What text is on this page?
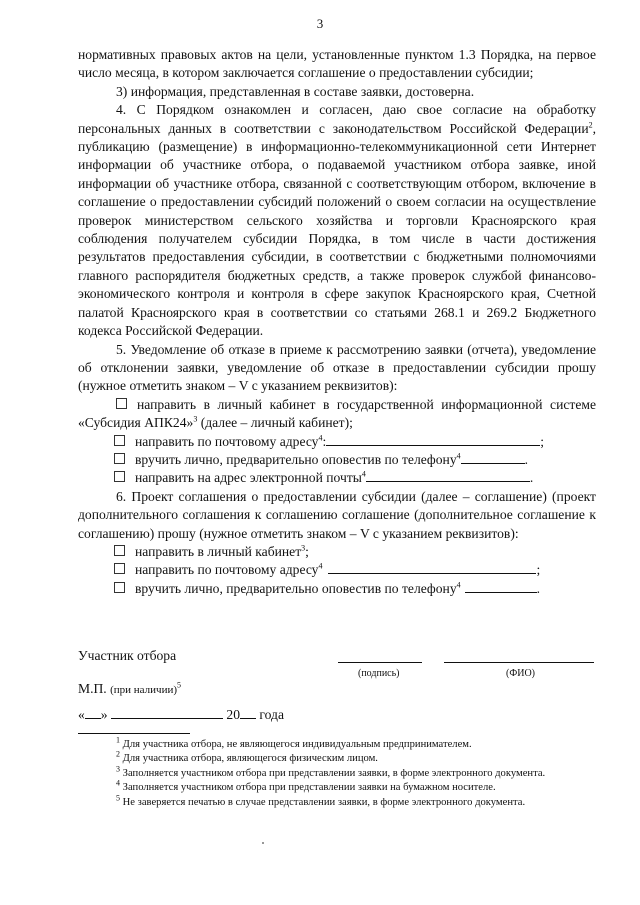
3

нормативных правовых актов на цели, установленные пунктом 1.3 Порядка, на первое число месяца, в котором заключается соглашение о предоставлении субсидии;

3) информация, представленная в составе заявки, достоверна.

4. С Порядком ознакомлен и согласен, даю свое согласие на обработку персональных данных в соответствии с законодательством Российской Федерации$^2$, публикацию (размещение) в информационно-телекоммуникационной сети Интернет информации об участнике отбора, о подаваемой участником отбора заявке, иной информации об участнике отбора, связанной с соответствующим отбором, включение в соглашение о предоставлении субсидий положений о своем согласии на осуществление проверок министерством сельского хозяйства и торговли Красноярского края соблюдения получателем субсидии Порядка, в том числе в части достижения результатов предоставления субсидии, в соответствии с бюджетными полномочиями главного распорядителя бюджетных средств, а также проверок службой финансово-экономического контроля и контроля в сфере закупок Красноярского края, Счетной палатой Красноярского края в соответствии со статьями 268.1 и 269.2 Бюджетного кодекса Российской Федерации.

5. Уведомление об отказе в приеме к рассмотрению заявки (отчета), уведомление об отклонении заявки, уведомление об отказе в предоставлении субсидии прошу (нужное отметить знаком – V с указанием реквизитов):

направить в личный кабинет в государственной информационной системе «Субсидия АПК24»$^3$ (далее – личный кабинет);

направить по почтовому адресу$^4$:	;
вручить лично, предварительно оповестив по телефону$^4$	.
направить на адрес электронной почты$^4$	.

6. Проект соглашения о предоставлении субсидии (далее – соглашение) (проект дополнительного соглашения к соглашению соглашение (дополнительное соглашение к соглашению) прошу (нужное отметить знаком – V с указанием реквизитов):

направить в личный кабинет$^3$;
направить по почтовому адресу$^4$	;
вручить лично, предварительно оповестив по телефону$^4$	.
Участник отбора
(подпись)	(ФИО)
М.П. (при наличии)$^5$
« »	20 года

$^1$ Для участника отбора, не являющегося индивидуальным предпринимателем.

$^2$ Для участника отбора, являющегося физическим лицом.

$^3$ Заполняется участником отбора при представлении заявки, в форме электронного документа.

$^4$ Заполняется участником отбора при представлении заявки на бумажном носителе.

$^5$ Не заверяется печатью в случае представлении заявки, в форме электронного документа.
